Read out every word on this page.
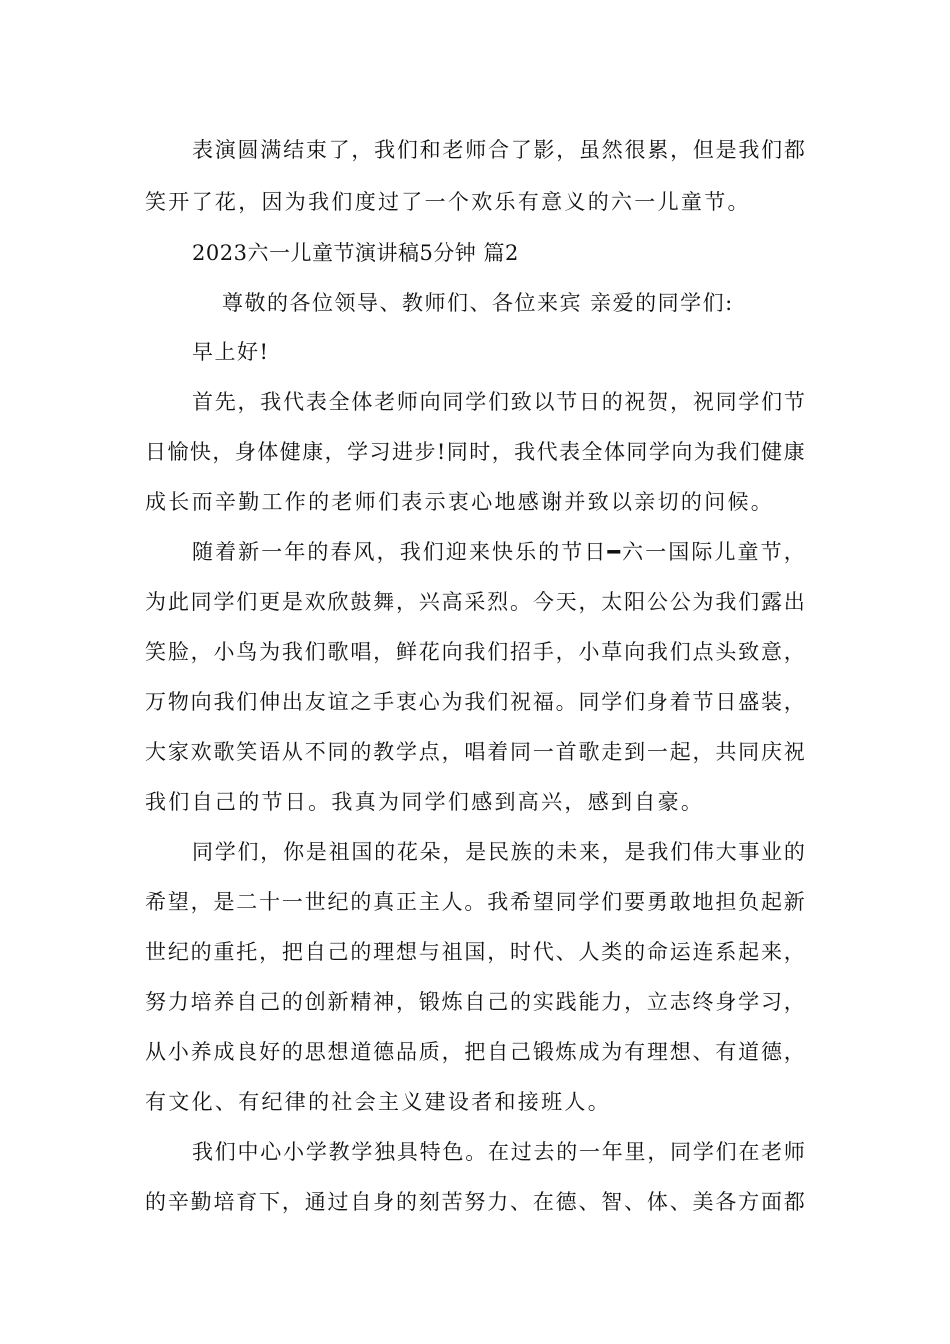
表 演 圆 满 结 束 了 ， 我 们 和 老 师 合 了 影 ， 虽 然 很 累 ， 但 是 我 们 都
笑开了花，因为我们度过了一个欢乐有意义的六一儿童节。
2023六一儿童节演讲稿5分钟 篇2
尊敬的各位领导、教师们、各位来宾 亲爱的同学们:
早上好!
首 先 ， 我 代 表 全 体 老 师 向 同 学 们 致 以 节 日 的 祝 贺 ， 祝 同 学 们 节
日 愉 快 ， 身 体 健 康 ， 学 习 进 步 ! 同 时 ， 我 代 表 全 体 同 学 向 为 我 们 健 康
成长而辛勤工作的老师们表示衷心地感谢并致以亲切的问候。
随 着 新 一 年 的 春 风 ， 我 们 迎 来 快 乐 的 节 日 ━ 六 一 国 际 儿 童 节 ，
为 此 同 学 们 更 是 欢 欣 鼓 舞 ， 兴 高 采 烈 。 今 天 ， 太 阳 公 公 为 我 们 露 出
笑 脸 ， 小 鸟 为 我 们 歌 唱 ， 鲜 花 向 我 们 招 手 ， 小 草 向 我 们 点 头 致 意 ，
万 物 向 我 们 伸 出 友 谊 之 手 衷 心 为 我 们 祝 福 。 同 学 们 身 着 节 日 盛 装 ，
大 家 欢 歌 笑 语 从 不 同 的 教 学 点 ， 唱 着 同 一 首 歌 走 到 一 起 ， 共 同 庆 祝
我们自己的节日。我真为同学们感到高兴，感到自豪。
同 学 们 ， 你 是 祖 国 的 花 朵 ， 是 民 族 的 未 来 ， 是 我 们 伟 大 事 业 的
希 望 ， 是 二 十 一 世 纪 的 真 正 主 人 。 我 希 望 同 学 们 要 勇 敢 地 担 负 起 新
世 纪 的 重 托 ， 把 自 己 的 理 想 与 祖 国 ， 时 代 、 人 类 的 命 运 连 系 起 来 ，
努 力 培 养 自 己 的 创 新 精 神 ， 锻 炼 自 己 的 实 践 能 力 ， 立 志 终 身 学 习 ，
从 小 养 成 良 好 的 思 想 道 德 品 质 ， 把 自 己 锻 炼 成 为 有 理 想 、 有 道 德 ，
有文化、有纪律的社会主义建设者和接班人。
我 们 中 心 小 学 教 学 独 具 特 色 。 在 过 去 的 一 年 里 ， 同 学 们 在 老 师
的 辛 勤 培 育 下 ， 通 过 自 身 的 刻 苦 努 力 、 在 德 、 智 、 体 、 美 各 方 面 都
